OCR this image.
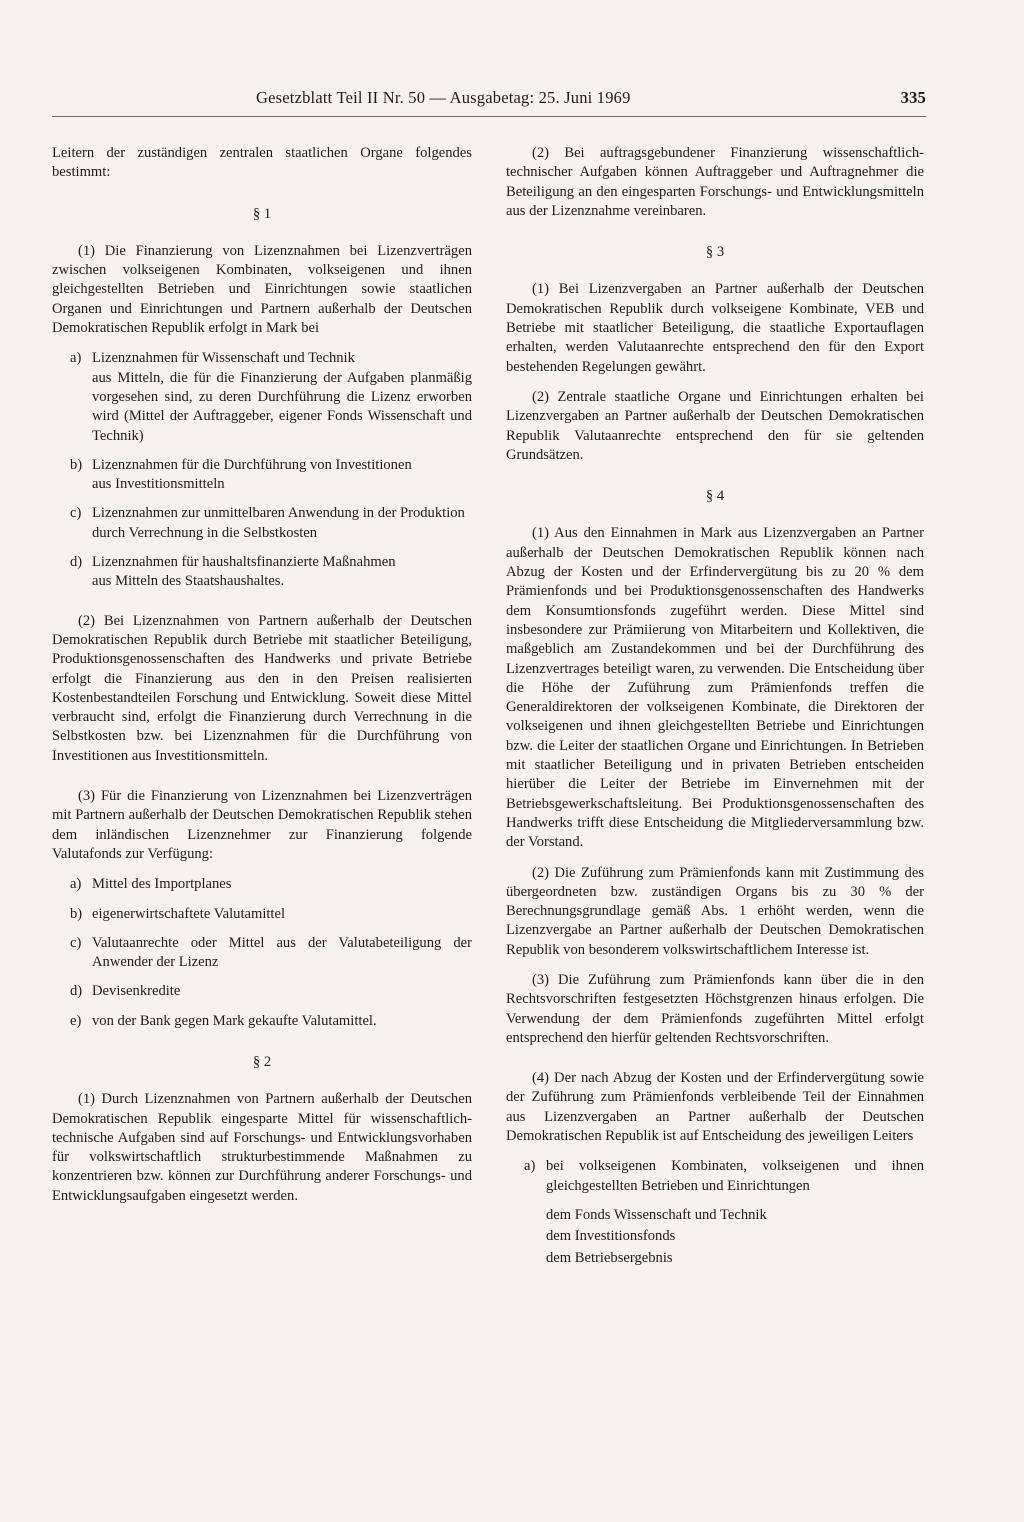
Gesetzblatt Teil II Nr. 50 — Ausgabetag: 25. Juni 1969	335

Leitern der zuständigen zentralen staatlichen Organe folgendes bestimmt:

§ 1

(1) Die Finanzierung von Lizenznahmen bei Lizenzverträgen zwischen volkseigenen Kombinaten, volkseigenen und ihnen gleichgestellten Betrieben und Einrichtungen sowie staatlichen Organen und Einrichtungen und Partnern außerhalb der Deutschen Demokratischen Republik erfolgt in Mark bei

a) Lizenznahmen für Wissenschaft und Technik
aus Mitteln, die für die Finanzierung der Aufgaben planmäßig vorgesehen sind, zu deren Durchführung die Lizenz erworben wird (Mittel der Auftraggeber, eigener Fonds Wissenschaft und Technik)
b) Lizenznahmen für die Durchführung von Investitionen
aus Investitionsmitteln
c) Lizenznahmen zur unmittelbaren Anwendung in der Produktion
durch Verrechnung in die Selbstkosten
d) Lizenznahmen für haushaltsfinanzierte Maßnahmen
aus Mitteln des Staatshaushaltes.

(2) Bei Lizenznahmen von Partnern außerhalb der Deutschen Demokratischen Republik durch Betriebe mit staatlicher Beteiligung, Produktionsgenossenschaften des Handwerks und private Betriebe erfolgt die Finanzierung aus den in den Preisen realisierten Kostenbestandteilen Forschung und Entwicklung. Soweit diese Mittel verbraucht sind, erfolgt die Finanzierung durch Verrechnung in die Selbstkosten bzw. bei Lizenznahmen für die Durchführung von Investitionen aus Investitionsmitteln.

(3) Für die Finanzierung von Lizenznahmen bei Lizenzverträgen mit Partnern außerhalb der Deutschen Demokratischen Republik stehen dem inländischen Lizenznehmer zur Finanzierung folgende Valutafonds zur Verfügung:

a) Mittel des Importplanes
b) eigenerwirtschaftete Valutamittel
c) Valutaanrechte oder Mittel aus der Valutabeteiligung der Anwender der Lizenz
d) Devisenkredite
e) von der Bank gegen Mark gekaufte Valutamittel.
§ 2

(1) Durch Lizenznahmen von Partnern außerhalb der Deutschen Demokratischen Republik eingesparte Mittel für wissenschaftlich-technische Aufgaben sind auf Forschungs- und Entwicklungsvorhaben für volkswirtschaftlich strukturbestimmende Maßnahmen zu konzentrieren bzw. können zur Durchführung anderer Forschungs- und Entwicklungsaufgaben eingesetzt werden.

(2) Bei auftragsgebundener Finanzierung wissenschaftlich-technischer Aufgaben können Auftraggeber und Auftragnehmer die Beteiligung an den eingesparten Forschungs- und Entwicklungsmitteln aus der Lizenznahme vereinbaren.

§ 3

(1) Bei Lizenzvergaben an Partner außerhalb der Deutschen Demokratischen Republik durch volkseigene Kombinate, VEB und Betriebe mit staatlicher Beteiligung, die staatliche Exportauflagen erhalten, werden Valutaanrechte entsprechend den für den Export bestehenden Regelungen gewährt.

(2) Zentrale staatliche Organe und Einrichtungen erhalten bei Lizenzvergaben an Partner außerhalb der Deutschen Demokratischen Republik Valutaanrechte entsprechend den für sie geltenden Grundsätzen.

§ 4

(1) Aus den Einnahmen in Mark aus Lizenzvergaben an Partner außerhalb der Deutschen Demokratischen Republik können nach Abzug der Kosten und der Erfindervergütung bis zu 20 % dem Prämienfonds und bei Produktionsgenossenschaften des Handwerks dem Konsumtionsfonds zugeführt werden. Diese Mittel sind insbesondere zur Prämiierung von Mitarbeitern und Kollektiven, die maßgeblich am Zustandekommen und bei der Durchführung des Lizenzvertrages beteiligt waren, zu verwenden. Die Entscheidung über die Höhe der Zuführung zum Prämienfonds treffen die Generaldirektoren der volkseigenen Kombinate, die Direktoren der volkseigenen und ihnen gleichgestellten Betriebe und Einrichtungen bzw. die Leiter der staatlichen Organe und Einrichtungen. In Betrieben mit staatlicher Beteiligung und in privaten Betrieben entscheiden hierüber die Leiter der Betriebe im Einvernehmen mit der Betriebsgewerkschaftsleitung. Bei Produktionsgenossenschaften des Handwerks trifft diese Entscheidung die Mitgliederversammlung bzw. der Vorstand.

(2) Die Zuführung zum Prämienfonds kann mit Zustimmung des übergeordneten bzw. zuständigen Organs bis zu 30 % der Berechnungsgrundlage gemäß Abs. 1 erhöht werden, wenn die Lizenzvergabe an Partner außerhalb der Deutschen Demokratischen Republik von besonderem volkswirtschaftlichem Interesse ist.

(3) Die Zuführung zum Prämienfonds kann über die in den Rechtsvorschriften festgesetzten Höchstgrenzen hinaus erfolgen. Die Verwendung der dem Prämienfonds zugeführten Mittel erfolgt entsprechend den hierfür geltenden Rechtsvorschriften.

(4) Der nach Abzug der Kosten und der Erfindervergütung sowie der Zuführung zum Prämienfonds verbleibende Teil der Einnahmen aus Lizenzvergaben an Partner außerhalb der Deutschen Demokratischen Republik ist auf Entscheidung des jeweiligen Leiters

a) bei volkseigenen Kombinaten, volkseigenen und ihnen gleichgestellten Betrieben und Einrichtungen
dem Fonds Wissenschaft und Technik
dem Investitionsfonds
dem Betriebsergebnis
